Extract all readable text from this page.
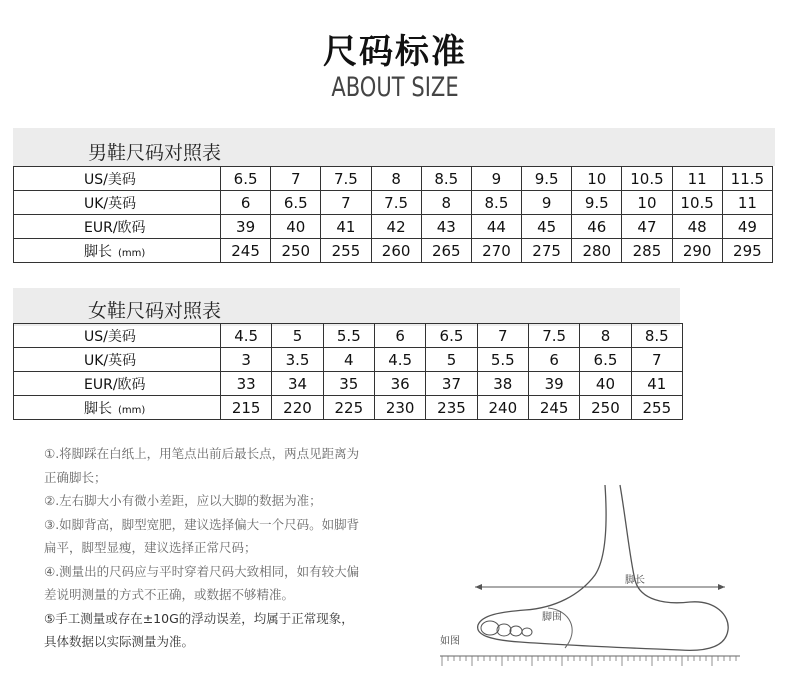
尺码标准
ABOUT SIZE
男鞋尺码对照表
US/美码	6.5	7	7.5	8	8.5	9	9.5	10	10.5	11	11.5
UK/英码	6	6.5	7	7.5	8	8.5	9	9.5	10	10.5	11
EUR/欧码	39	40	41	42	43	44	45	46	47	48	49
脚长 (mm)	245	250	255	260	265	270	275	280	285	290	295
女鞋尺码对照表
US/美码	4.5	5	5.5	6	6.5	7	7.5	8	8.5
UK/英码	3	3.5	4	4.5	5	5.5	6	6.5	7
EUR/欧码	33	34	35	36	37	38	39	40	41
脚长 (mm)	215	220	225	230	235	240	245	250	255

①.将脚踩在白纸上，用笔点出前后最长点，两点见距离为

正确脚长；

②.左右脚大小有微小差距，应以大脚的数据为准；

③.如脚背高，脚型宽肥，建议选择偏大一个尺码。如脚背

扁平，脚型显瘦，建议选择正常尺码；

④.测量出的尺码应与平时穿着尺码大致相同，如有较大偏

差说明测量的方式不正确，或数据不够精准。

⑤手工测量或存在±10G的浮动误差，均属于正常现象，

具体数据以实际测量为准。

脚长
脚围
如图
